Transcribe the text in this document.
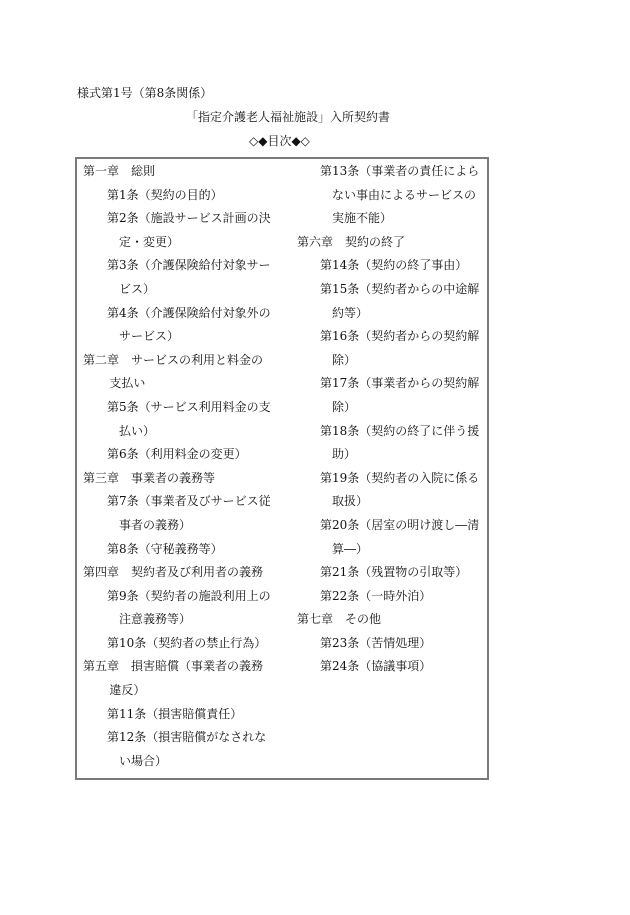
様式第1号（第8条関係）
「指定介護老人福祉施設」入所契約書
◇◆目次◆◇
第一章　総則
第1条（契約の目的）
第2条（施設サービス計画の決定・変更）
第3条（介護保険給付対象サービス）
第4条（介護保険給付対象外のサービス）
第二章　サービスの利用と料金の支払い
第5条（サービス利用料金の支払い）
第6条（利用料金の変更）
第三章　事業者の義務等
第7条（事業者及びサービス従事者の義務）
第8条（守秘義務等）
第四章　契約者及び利用者の義務
第9条（契約者の施設利用上の注意義務等）
第10条（契約者の禁止行為）
第五章　損害賠償（事業者の義務違反）
第11条（損害賠償責任）
第12条（損害賠償がなされない場合）
第13条（事業者の責任によらない事由によるサービスの実施不能）
第六章　契約の終了
第14条（契約の終了事由）
第15条（契約者からの中途解約等）
第16条（契約者からの契約解除）
第17条（事業者からの契約解除）
第18条（契約の終了に伴う援助）
第19条（契約者の入院に係る取扱）
第20条（居室の明け渡し―清算―）
第21条（残置物の引取等）
第22条（一時外泊）
第七章　その他
第23条（苦情処理）
第24条（協議事項）
